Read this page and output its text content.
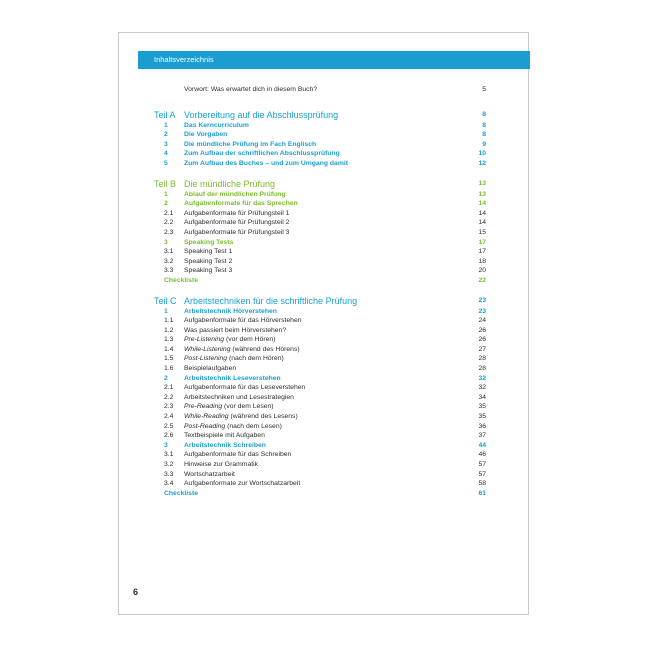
Inhaltsverzeichnis
Vorwort: Was erwartet dich in diesem Buch?	5
Teil A Vorbereitung auf die Abschlussprüfung	8
1 Das Kerncurriculum	8
2 Die Vorgaben	8
3 Die mündliche Prüfung im Fach Englisch	9
4 Zum Aufbau der schriftlichen Abschlussprüfung	10
5 Zum Aufbau des Buches – und zum Umgang damit	12
Teil B Die mündliche Prüfung	13
1 Ablauf der mündlichen Prüfung	13
2 Aufgabenformate für das Sprechen	14
2.1 Aufgabenformate für Prüfungsteil 1	14
2.2 Aufgabenformate für Prüfungsteil 2	14
2.3 Aufgabenformate für Prüfungsteil 3	15
3 Speaking Tests	17
3.1 Speaking Test 1	17
3.2 Speaking Test 2	18
3.3 Speaking Test 3	20
Checkliste	22
Teil C Arbeitstechniken für die schriftliche Prüfung	23
1 Arbeitstechnik Hörverstehen	23
1.1 Aufgabenformate für das Hörverstehen	24
1.2 Was passiert beim Hörverstehen?	26
1.3 Pre-Listening (vor dem Hören)	26
1.4 While-Listening (während des Hörens)	27
1.5 Post-Listening (nach dem Hören)	28
1.6 Beispielaufgaben	28
2 Arbeitstechnik Leseverstehen	32
2.1 Aufgabenformate für das Leseverstehen	32
2.2 Arbeitstechniken und Lesestrategien	34
2.3 Pre-Reading (vor dem Lesen)	35
2.4 While-Reading (während des Lesens)	35
2.5 Post-Reading (nach dem Lesen)	36
2.6 Textbeispiele mit Aufgaben	37
3 Arbeitstechnik Schreiben	44
3.1 Aufgabenformate für das Schreiben	46
3.2 Hinweise zur Grammatik	57
3.3 Wortschatzarbeit	57
3.4 Aufgabenformate zur Wortschatzarbeit	58
Checkliste	61
6
